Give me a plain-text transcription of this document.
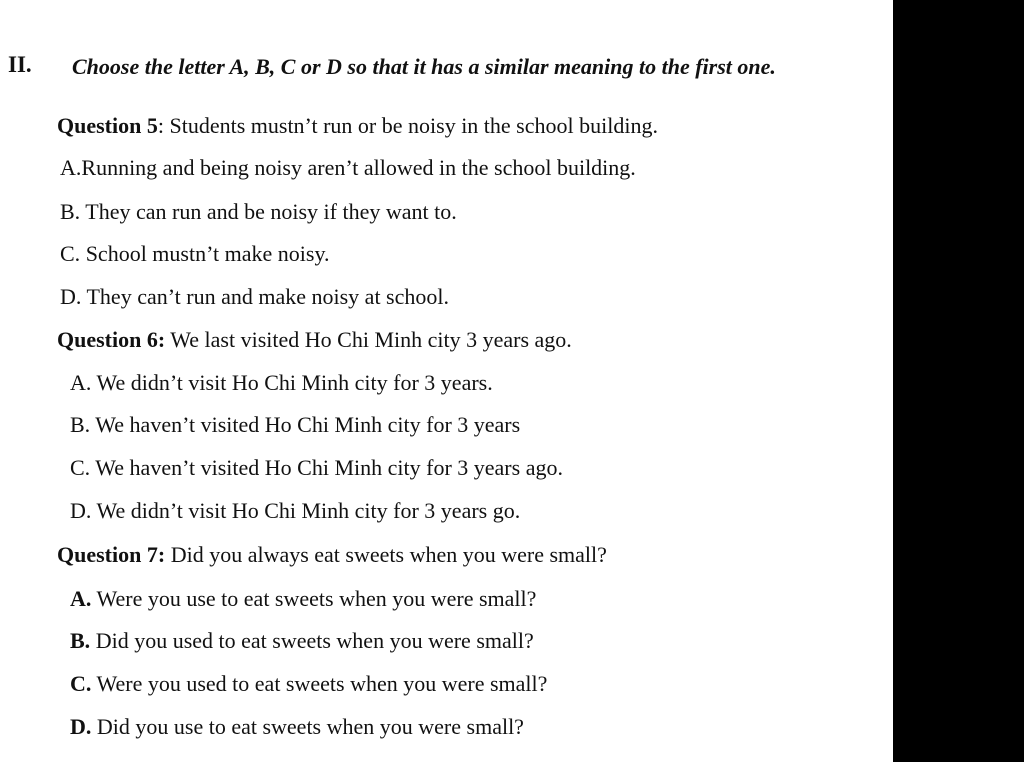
II. Choose the letter A, B, C or D so that it has a similar meaning to the first one.
Question 5: Students mustn’t run or be noisy in the school building.
A.Running and being noisy aren’t allowed in the school building.
B. They can run and be noisy if they want to.
C. School mustn’t make noisy.
D. They can’t run and make noisy at school.
Question 6: We last visited Ho Chi Minh city 3 years ago.
A. We didn’t visit Ho Chi Minh city for 3 years.
B. We haven’t visited Ho Chi Minh city for 3 years
C. We haven’t visited Ho Chi Minh city for 3 years ago.
D. We didn’t visit Ho Chi Minh city for 3 years go.
Question 7: Did you always eat sweets when you were small?
A. Were you use to eat sweets when you were small?
B. Did you used to eat sweets when you were small?
C. Were you used to eat sweets when you were small?
D. Did you use to eat sweets when you were small?
